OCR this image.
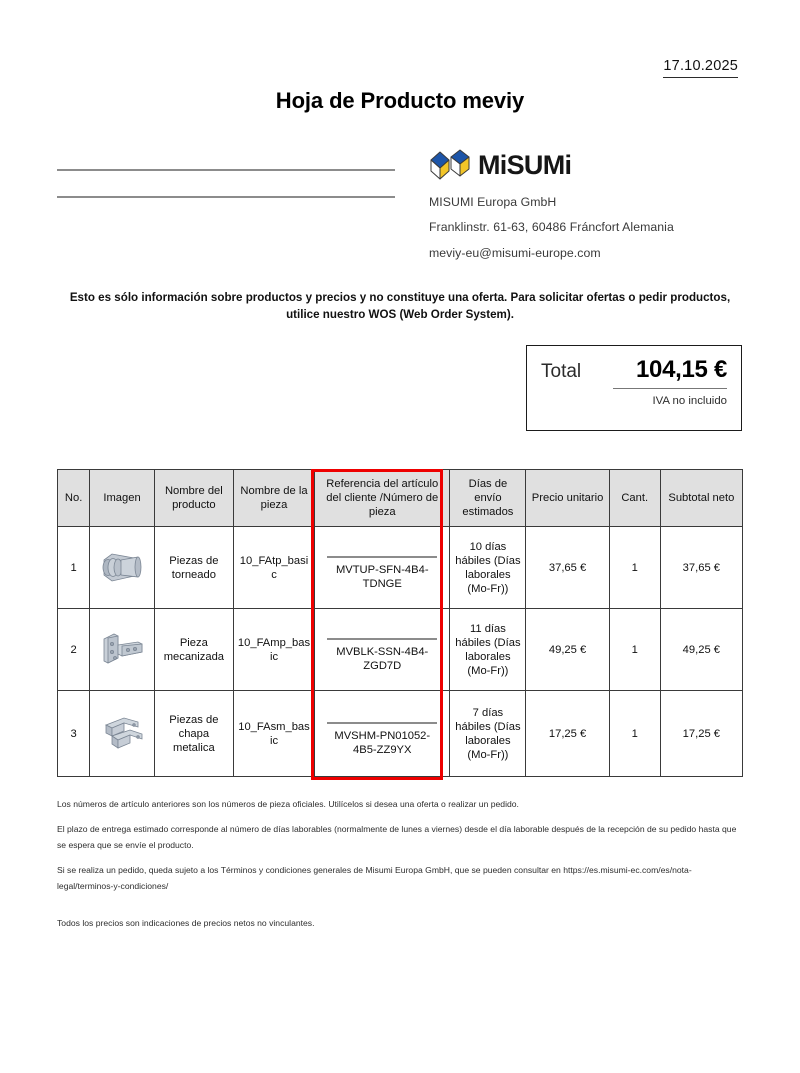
17.10.2025
Hoja de Producto meviy
MiSUMi
MISUMI Europa GmbH
Franklinstr. 61-63, 60486 Fráncfort Alemania
meviy-eu@misumi-europe.com
Esto es sólo información sobre productos y precios y no constituye una oferta. Para solicitar ofertas o pedir productos, utilice nuestro WOS (Web Order System).
Total	104,15 €
IVA no incluido
No.	Imagen	Nombre del producto	Nombre de la pieza	Referencia del artículo del cliente /Número de pieza	Días de envío estimados	Precio unitario	Cant.	Subtotal neto
1		Piezas de torneado	10_FAtp_basic	MVTUP-SFN-4B4-TDNGE	10 días hábiles (Días laborales (Mo-Fr))	37,65 €	1	37,65 €
2		Pieza mecanizada	10_FAmp_basic	MVBLK-SSN-4B4-ZGD7D	11 días hábiles (Días laborales (Mo-Fr))	49,25 €	1	49,25 €
3		Piezas de chapa metalica	10_FAsm_basic	MVSHM-PN01052-4B5-ZZ9YX	7 días hábiles (Días laborales (Mo-Fr))	17,25 €	1	17,25 €

Los números de artículo anteriores son los números de pieza oficiales. Utilícelos si desea una oferta o realizar un pedido.

El plazo de entrega estimado corresponde al número de días laborables (normalmente de lunes a viernes) desde el día laborable después de la recepción de su pedido hasta que se espera que se envíe el producto.

Si se realiza un pedido, queda sujeto a los Términos y condiciones generales de Misumi Europa GmbH, que se pueden consultar en https://es.misumi-ec.com/es/nota-legal/terminos-y-condiciones/

Todos los precios son indicaciones de precios netos no vinculantes.
